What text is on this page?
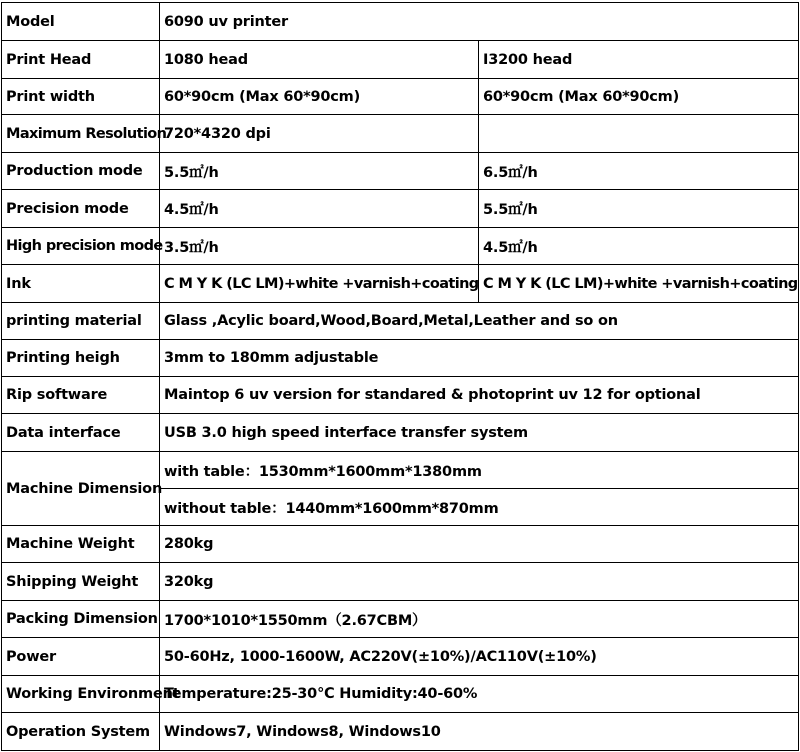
Model	6090 uv printer	
Print Head	1080 head	I3200 head
Print width	60*90cm (Max 60*90cm)	60*90cm (Max 60*90cm)
Maximum Resolution	720*4320 dpi	
Production mode	5.5㎡/h	6.5㎡/h
Precision mode	4.5㎡/h	5.5㎡/h
High precision mode	3.5㎡/h	4.5㎡/h
Ink	C M Y K (LC LM)+white +varnish+coating	C M Y K (LC LM)+white +varnish+coating
printing material	Glass ,Acylic board,Wood,Board,Metal,Leather and so on	
Printing heigh	3mm to 180mm adjustable	
Rip software	Maintop 6 uv version for standared & photoprint uv 12 for optional	
Data interface	USB 3.0 high speed interface transfer system	
Machine Dimension	with table：1530mm*1600mm*1380mm	
	without table：1440mm*1600mm*870mm	
Machine Weight	280kg	
Shipping Weight	320kg	
Packing Dimension	1700*1010*1550mm（2.67CBM）	
Power	50-60Hz, 1000-1600W, AC220V(±10%)/AC110V(±10%)	
Working Environment	Temperature:25-30℃ Humidity:40-60%	
Operation System	Windows7, Windows8, Windows10	
